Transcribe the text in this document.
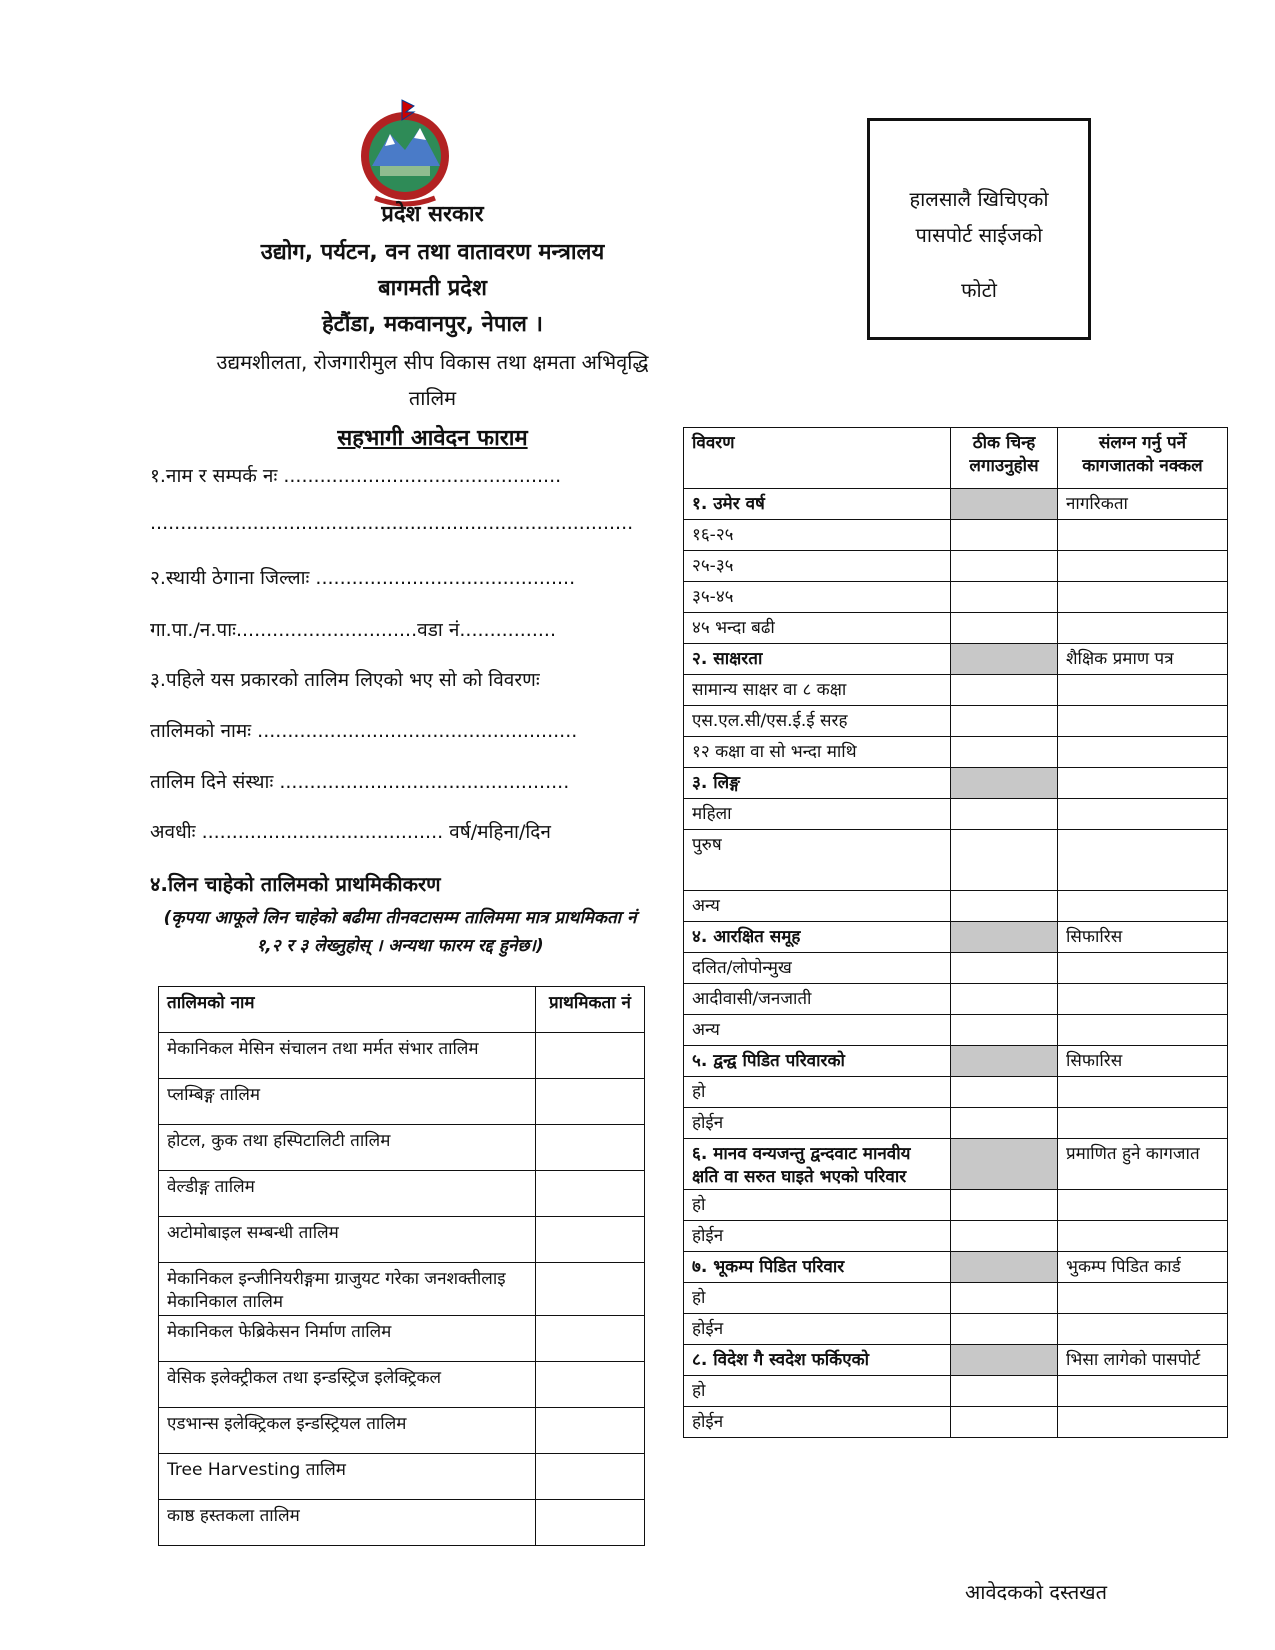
प्रदेश सरकार
उद्योग, पर्यटन, वन तथा वातावरण मन्त्रालय
बागमती प्रदेश
हेटौंडा, मकवानपुर, नेपाल ।
उद्यमशीलता, रोजगारीमुल सीप विकास तथा क्षमता अभिवृद्धि
तालिम
सहभागी आवेदन फाराम
हालसालै खिचिएको
पासपोर्ट साईजको
फोटो
१.नाम र सम्पर्क नः ..............................................
................................................................................
२.स्थायी ठेगाना जिल्लाः ...........................................
गा.पा./न.पाः..............................वडा नं................
३.पहिले यस प्रकारको तालिम लिएको भए सो को विवरणः
तालिमको नामः .....................................................
तालिम दिने संस्थाः ................................................
अवधीः ........................................ वर्ष/महिना/दिन
४.लिन चाहेको तालिमको प्राथमिकीकरण
(कृपया आफूले लिन चाहेको बढीमा तीनवटासम्म तालिममा मात्र प्राथमिकता नं १,२ र ३ लेख्नुहोस् । अन्यथा फारम रद्द हुनेछ।)
तालिमको नाम	प्राथमिकता नं
मेकानिकल मेसिन संचालन तथा मर्मत संभार तालिम	
प्लम्बिङ्ग तालिम	
होटल, कुक तथा हस्पिटालिटी तालिम	
वेल्डीङ्ग तालिम	
अटोमोबाइल सम्बन्धी तालिम	
मेकानिकल इन्जीनियरीङ्गमा ग्राजुयट गरेका जनशक्तीलाइ मेकानिकाल तालिम	
मेकानिकल फेब्रिकेसन निर्माण तालिम	
वेसिक इलेक्ट्रीकल तथा इन्डस्ट्रिज इलेक्ट्रिकल	
एडभान्स इलेक्ट्रिकल इन्डस्ट्रियल तालिम	
Tree Harvesting तालिम	
काष्ठ हस्तकला तालिम	
विवरण	ठीक चिन्ह लगाउनुहोस	संलग्न गर्नु पर्ने कागजातको नक्कल
१. उमेर वर्ष		नागरिकता
१६-२५		
२५-३५		
३५-४५		
४५ भन्दा बढी		
२. साक्षरता		शैक्षिक प्रमाण पत्र
सामान्य साक्षर वा ८ कक्षा		
एस.एल.सी/एस.ई.ई सरह		
१२ कक्षा वा सो भन्दा माथि		
३. लिङ्ग		
महिला		
पुरुष		
अन्य		
४. आरक्षित समूह		सिफारिस
दलित/लोपोन्मुख		
आदीवासी/जनजाती		
अन्य		
५. द्वन्द्व पिडित परिवारको		सिफारिस
हो		
होईन		
६. मानव वन्यजन्तु द्वन्दवाट मानवीय क्षति वा सरुत घाइते भएको परिवार		प्रमाणित हुने कागजात
हो		
होईन		
७. भूकम्प पिडित परिवार		भुकम्प पिडित कार्ड
हो		
होईन		
८. विदेश गै स्वदेश फर्किएको		भिसा लागेको पासपोर्ट
हो		
होईन		
आवेदकको दस्तखत
